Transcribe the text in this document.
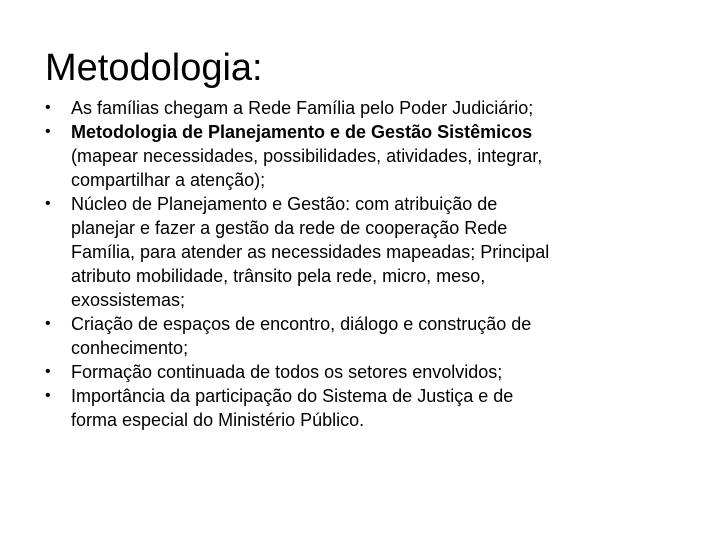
Metodologia:
•	As famílias chegam a Rede Família pelo Poder Judiciário;
•	Metodologia de Planejamento e de Gestão Sistêmicos
(mapear necessidades, possibilidades, atividades, integrar,
compartilhar a atenção);
•	Núcleo de Planejamento e Gestão: com atribuição de
planejar e fazer a gestão da rede de cooperação Rede
Família, para atender as necessidades mapeadas; Principal
atributo mobilidade, trânsito pela rede, micro, meso,
exossistemas;
•	Criação de espaços de encontro, diálogo e construção de
conhecimento;
•	Formação continuada de todos os setores envolvidos;
•	Importância da participação do Sistema de Justiça e de
forma especial do Ministério Público.
